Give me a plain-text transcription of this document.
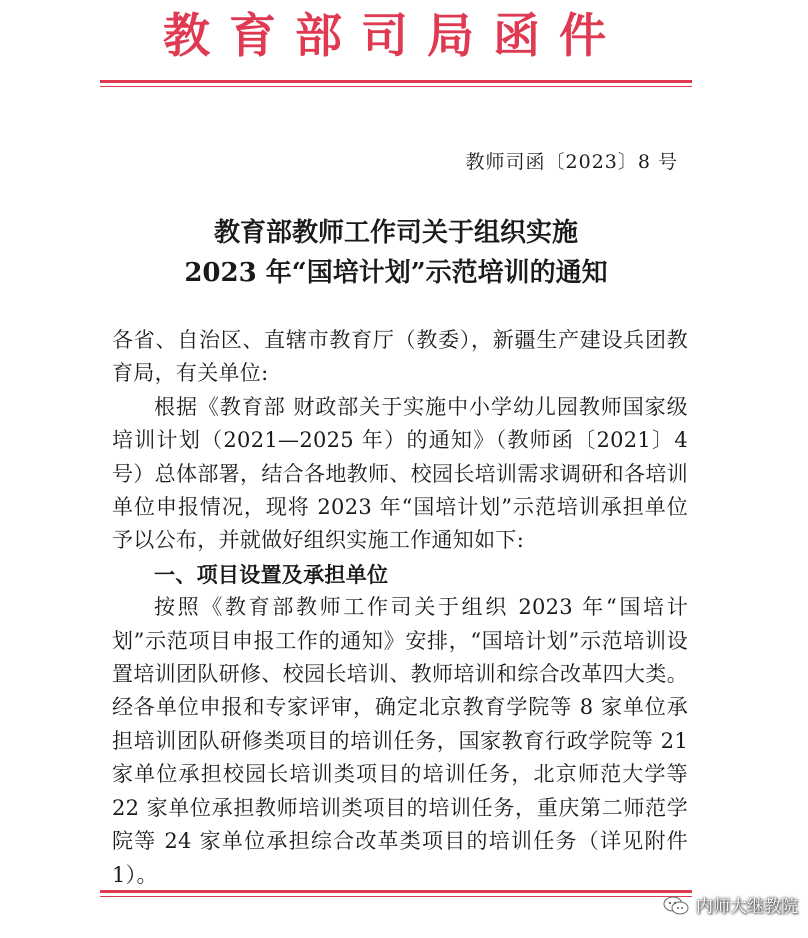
教育部司局函件
教师司函〔2023〕8 号
教育部教师工作司关于组织实施
2023 年“国培计划”示范培训的通知

各省、自治区、直辖市教育厅（教委），新疆生产建设兵团教育局，有关单位:

根据《教育部 财政部关于实施中小学幼儿园教师国家级培训计划（2021—2025 年）的通知》（教师函〔2021〕4 号）总体部署，结合各地教师、校园长培训需求调研和各培训单位申报情况，现将 2023 年“国培计划”示范培训承担单位予以公布，并就做好组织实施工作通知如下:

一、项目设置及承担单位

按照《教育部教师工作司关于组织 2023 年“国培计划”示范项目申报工作的通知》安排，“国培计划”示范培训设置培训团队研修、校园长培训、教师培训和综合改革四大类。经各单位申报和专家评审，确定北京教育学院等 8 家单位承担培训团队研修类项目的培训任务，国家教育行政学院等 21 家单位承担校园长培训类项目的培训任务，北京师范大学等 22 家单位承担教师培训类项目的培训任务，重庆第二师范学院等 24 家单位承担综合改革类项目的培训任务（详见附件 1）。

内师大继教院
